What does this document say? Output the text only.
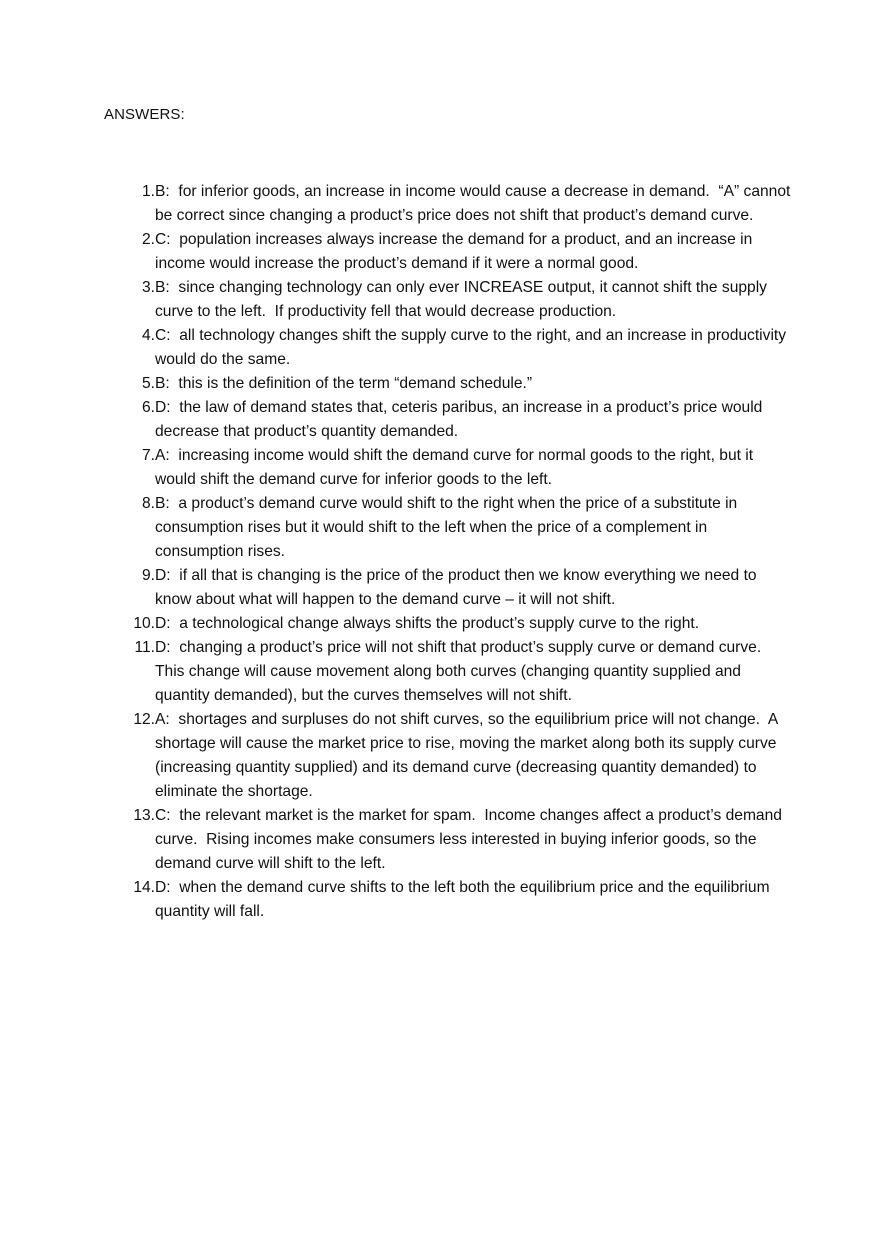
ANSWERS:
1. B:  for inferior goods, an increase in income would cause a decrease in demand.  “A” cannot be correct since changing a product’s price does not shift that product’s demand curve.
2. C:  population increases always increase the demand for a product, and an increase in income would increase the product’s demand if it were a normal good.
3. B:  since changing technology can only ever INCREASE output, it cannot shift the supply curve to the left.  If productivity fell that would decrease production.
4. C:  all technology changes shift the supply curve to the right, and an increase in productivity would do the same.
5. B:  this is the definition of the term “demand schedule.”
6. D:  the law of demand states that, ceteris paribus, an increase in a product’s price would decrease that product’s quantity demanded.
7. A:  increasing income would shift the demand curve for normal goods to the right, but it would shift the demand curve for inferior goods to the left.
8. B:  a product’s demand curve would shift to the right when the price of a substitute in consumption rises but it would shift to the left when the price of a complement in consumption rises.
9. D:  if all that is changing is the price of the product then we know everything we need to know about what will happen to the demand curve – it will not shift.
10. D:  a technological change always shifts the product’s supply curve to the right.
11. D:  changing a product’s price will not shift that product’s supply curve or demand curve.  This change will cause movement along both curves (changing quantity supplied and quantity demanded), but the curves themselves will not shift.
12. A:  shortages and surpluses do not shift curves, so the equilibrium price will not change.  A shortage will cause the market price to rise, moving the market along both its supply curve (increasing quantity supplied) and its demand curve (decreasing quantity demanded) to eliminate the shortage.
13. C:  the relevant market is the market for spam.  Income changes affect a product’s demand curve.  Rising incomes make consumers less interested in buying inferior goods, so the demand curve will shift to the left.
14. D:  when the demand curve shifts to the left both the equilibrium price and the equilibrium quantity will fall.
